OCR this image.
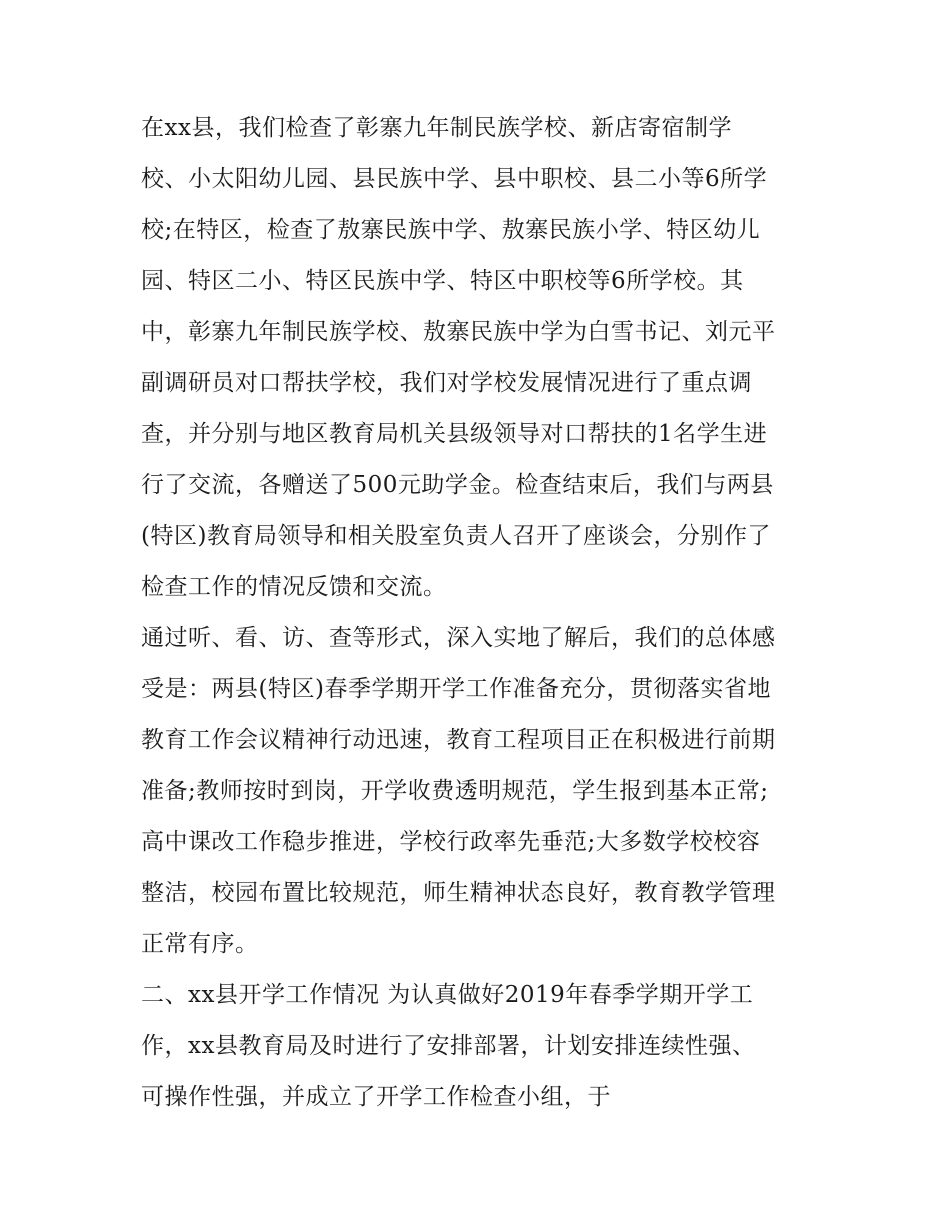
在xx县，我们检查了彰寨九年制民族学校、新店寄宿制学
校、小太阳幼儿园、县民族中学、县中职校、县二小等6所学
校;在特区，检查了敖寨民族中学、敖寨民族小学、特区幼儿
园、特区二小、特区民族中学、特区中职校等6所学校。其
中，彰寨九年制民族学校、敖寨民族中学为白雪书记、刘元平
副调研员对口帮扶学校，我们对学校发展情况进行了重点调
查，并分别与地区教育局机关县级领导对口帮扶的1名学生进
行了交流，各赠送了500元助学金。检查结束后，我们与两县
(特区)教育局领导和相关股室负责人召开了座谈会，分别作了
检查工作的情况反馈和交流。
通过听、看、访、查等形式，深入实地了解后，我们的总体感
受是：两县(特区)春季学期开学工作准备充分，贯彻落实省地
教育工作会议精神行动迅速，教育工程项目正在积极进行前期
准备;教师按时到岗，开学收费透明规范，学生报到基本正常;
高中课改工作稳步推进，学校行政率先垂范;大多数学校校容
整洁，校园布置比较规范，师生精神状态良好，教育教学管理
正常有序。
二、xx县开学工作情况 为认真做好2019年春季学期开学工
作，xx县教育局及时进行了安排部署，计划安排连续性强、
可操作性强，并成立了开学工作检查小组，于
